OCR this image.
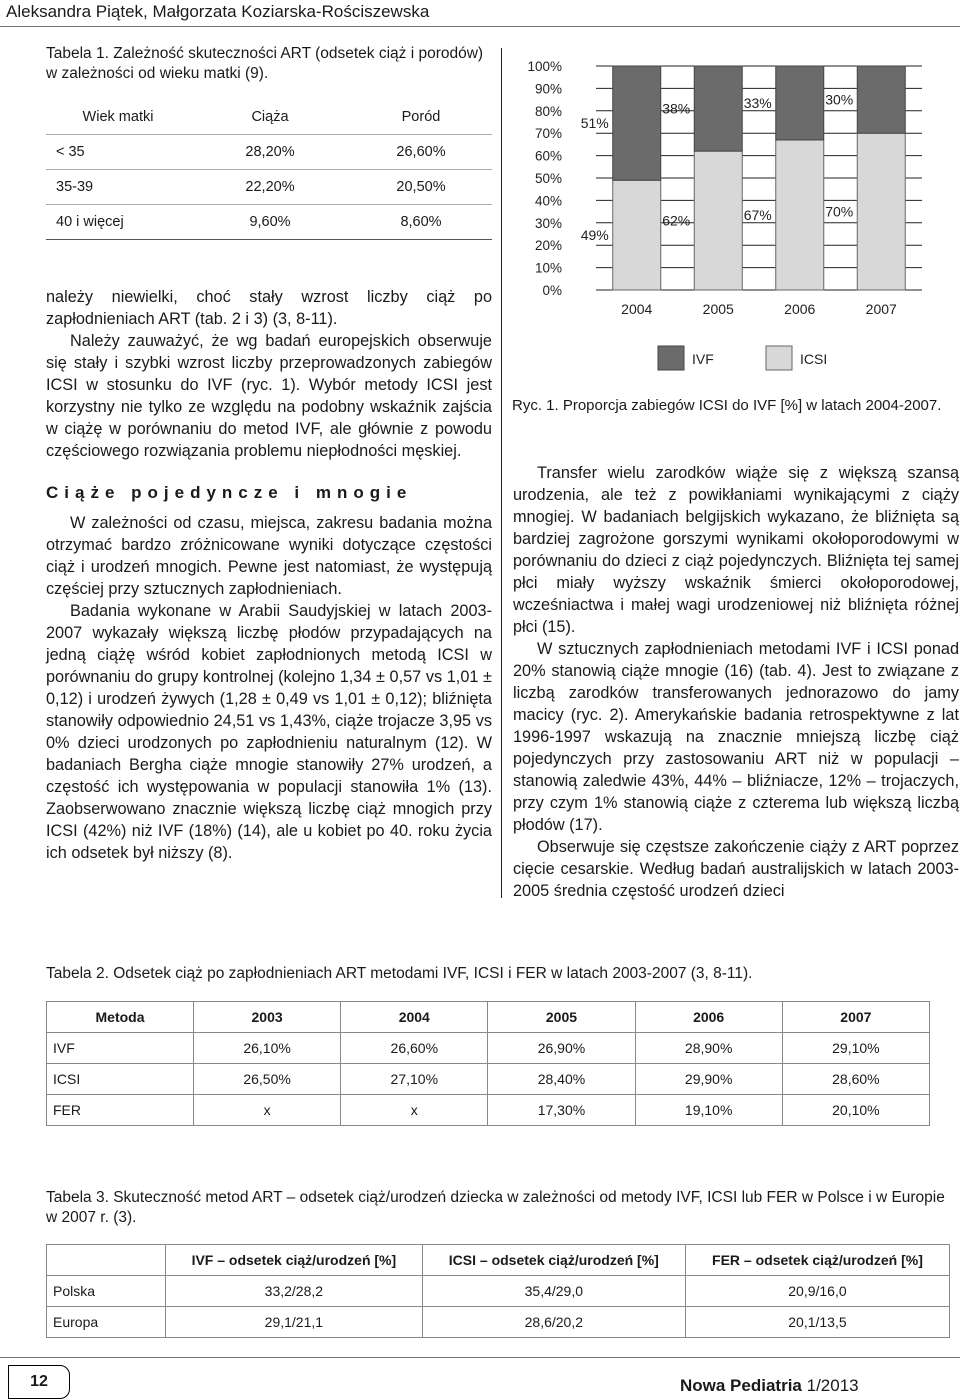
Aleksandra Piątek, Małgorzata Koziarska-Rościszewska
Tabela 1. Zależność skuteczności ART (odsetek ciąż i porodów) w zależności od wieku matki (9).
Wiek matki	Ciąża	Poród
< 35	28,20%	26,60%
35-39	22,20%	20,50%
40 i więcej	9,60%	8,60%

należy niewielki, choć stały wzrost liczby ciąż po zapłodnieniach ART (tab. 2 i 3) (3, 8-11).

Należy zauważyć, że wg badań europejskich obserwuje się stały i szybki wzrost liczby przeprowadzonych zabiegów ICSI w stosunku do IVF (ryc. 1). Wybór metody ICSI jest korzystny nie tylko ze względu na podobny wskaźnik zajścia w ciążę w porównaniu do metod IVF, ale głównie z powodu częściowego rozwiązania problemu niepłodności męskiej.

Ciąże pojedyncze i mnogie

W zależności od czasu, miejsca, zakresu badania można otrzymać bardzo zróżnicowane wyniki dotyczące częstości ciąż i urodzeń mnogich. Pewne jest natomiast, że występują częściej przy sztucznych zapłodnieniach.

Badania wykonane w Arabii Saudyjskiej w latach 2003-2007 wykazały większą liczbę płodów przypadających na jedną ciążę wśród kobiet zapłodnionych metodą ICSI w porównaniu do grupy kontrolnej (kolejno 1,34 ± 0,57 vs 1,01 ± 0,12) i urodzeń żywych (1,28 ± 0,49 vs 1,01 ± 0,12); bliźnięta stanowiły odpowiednio 24,51 vs 1,43%, ciąże trojacze 3,95 vs 0% dzieci urodzonych po zapłodnieniu naturalnym (12). W badaniach Bergha ciąże mnogie stanowiły 27% urodzeń, a częstość ich występowania w populacji stanowiła 1% (13). Zaobserwowano znacznie większą liczbę ciąż mnogich przy ICSI (42%) niż IVF (18%) (14), ale u kobiet po 40. roku życia ich odsetek był niższy (8).

0%
10%
20%
30%
40%
50%
60%
70%
80%
90%
100%
51%
49%
2004
38%
62%
2005
33%
67%
2006
30%
70%
2007
IVF	ICSI
Ryc. 1. Proporcja zabiegów ICSI do IVF [%] w latach 2004-2007.

Transfer wielu zarodków wiąże się z większą szansą urodzenia, ale też z powikłaniami wynikającymi z ciąży mnogiej. W badaniach belgijskich wykazano, że bliźnięta są bardziej zagrożone gorszymi wynikami okołoporodowymi w porównaniu do dzieci z ciąż pojedynczych. Bliźnięta tej samej płci miały wyższy wskaźnik śmierci okołoporodowej, wcześniactwa i małej wagi urodzeniowej niż bliźnięta różnej płci (15).

W sztucznych zapłodnieniach metodami IVF i ICSI ponad 20% stanowią ciąże mnogie (16) (tab. 4). Jest to związane z liczbą zarodków transferowanych jednorazowo do jamy macicy (ryc. 2). Amerykańskie badania retrospektywne z lat 1996-1997 wskazują na znacznie mniejszą liczbę ciąż pojedynczych przy zastosowaniu ART niż w populacji – stanowią zaledwie 43%, 44% – bliźniacze, 12% – trojaczych, przy czym 1% stanowią ciąże z czterema lub większą liczbą płodów (17).

Obserwuje się częstsze zakończenie ciąży z ART poprzez cięcie cesarskie. Według badań australijskich w latach 2003-2005 średnia częstość urodzeń dzieci

Tabela 2. Odsetek ciąż po zapłodnieniach ART metodami IVF, ICSI i FER w latach 2003-2007 (3, 8-11).
Metoda	2003	2004	2005	2006	2007
IVF	26,10%	26,60%	26,90%	28,90%	29,10%
ICSI	26,50%	27,10%	28,40%	29,90%	28,60%
FER	x	x	17,30%	19,10%	20,10%
Tabela 3. Skuteczność metod ART – odsetek ciąż/urodzeń dziecka w zależności od metody IVF, ICSI lub FER w Polsce i w Europie w 2007 r. (3).
	IVF – odsetek ciąż/urodzeń [%]	ICSI – odsetek ciąż/urodzeń [%]	FER – odsetek ciąż/urodzeń [%]
Polska	33,2/28,2	35,4/29,0	20,9/16,0
Europa	29,1/21,1	28,6/20,2	20,1/13,5
12	Nowa Pediatria 1/2013
